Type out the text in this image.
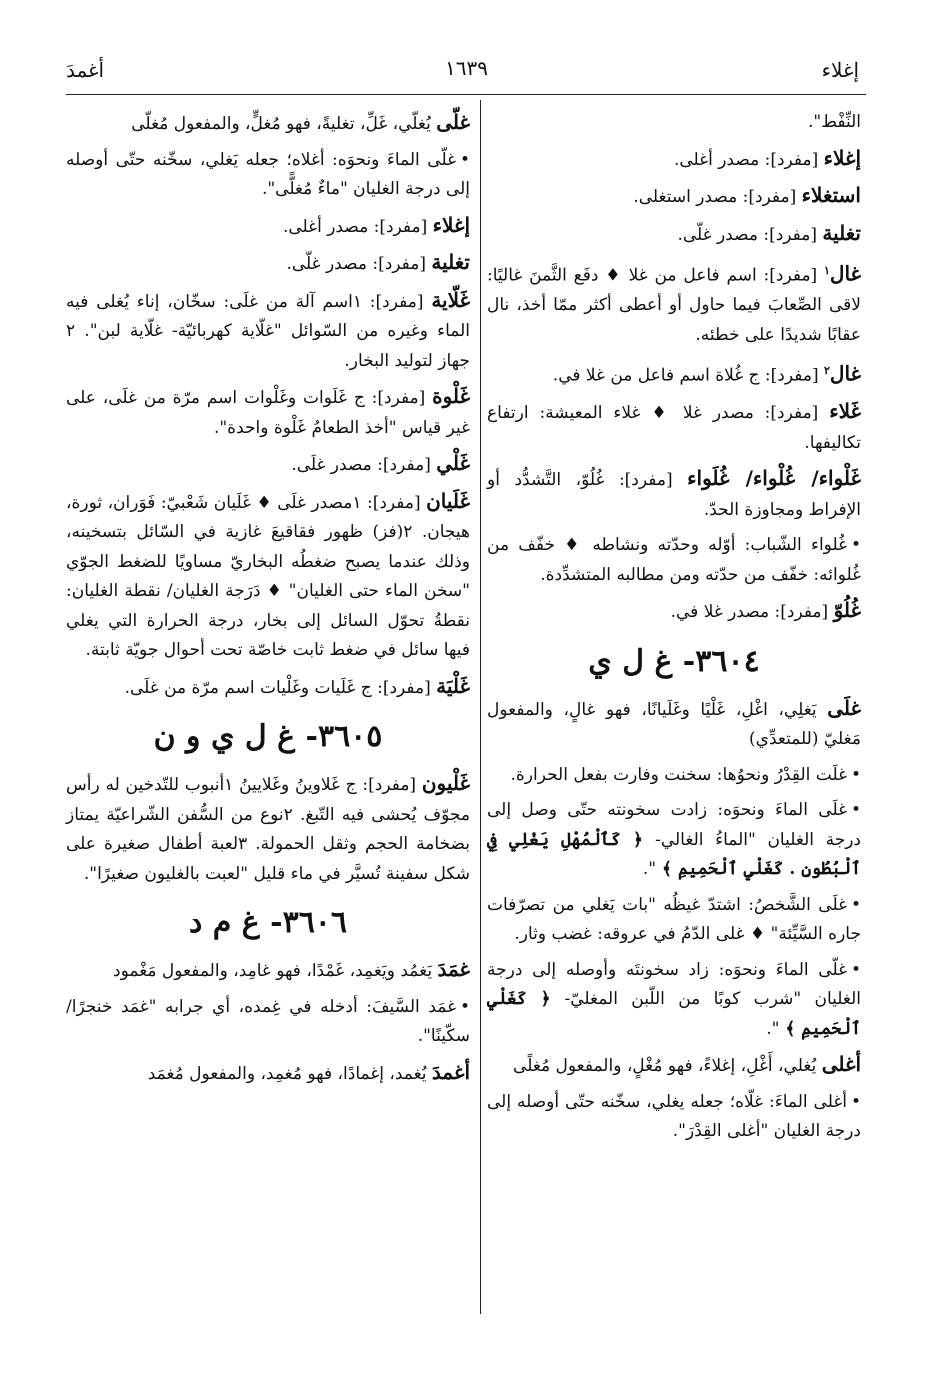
إغلاء
١٦٣٩
أغمدَ
النِّفْط".
إغلاء [مفرد]: مصدر أغلى.
استغلاء [مفرد]: مصدر استغلى.
تغلية [مفرد]: مصدر غلّى.
غال$^١$ [مفرد]: اسم فاعل من غلا ♦ دفَع الثَّمنَ غاليًا: لاقى الصِّعابَ فيما حاول أو أعطى أكثر ممّا أخذ، نال عقابًا شديدًا على خطئه.
غال$^٢$ [مفرد]: ج غُلاة اسم فاعل من غلا في.
غَلاء [مفرد]: مصدر غلا ♦ غلاء المعيشة: ارتفاع تكاليفها.
غَلْواء/ غُلْواء/ غُلَواء [مفرد]: غُلُوّ، التَّشدُّد أو الإفراط ومجاوزة الحدّ.
•غُلواء الشّباب: أوّله وحدّته ونشاطه ♦ خفّف من غُلوائه: خفّف من حدّته ومن مطالبه المتشدِّدة.
غُلُوّ [مفرد]: مصدر غلا في.
٣٦٠٤- غ ل ي
غلَى يَغلِي، اغْلِ، غَلْيًا وغَلَيانًا، فهو غالٍ، والمفعول مَغليّ (للمتعدِّي)
•غلَت القِدْرُ ونحوُها: سخنت وفارت بفعل الحرارة.
•غلَى الماءَ ونحوَه: زادت سخونته حتّى وصل إلى درجة الغليان "الماءُ الغالي- ﴿ كَٱلْمُهْلِ يَغْلِي فِي ٱلْبُطُونِ . كَغَلْيِ ٱلْحَمِيمِ ﴾ ".
•غلَى الشَّخصُ: اشتدّ غيظُه "بات يَغلي من تصرّفات جاره السَّيِّئة" ♦ غلى الدّمُ في عروقه: غضب وثار.
•غلّى الماءَ ونحوَه: زاد سخونتَه وأوصله إلى درجة الغليان "شرب كوبًا من اللّبن المغليّ- ﴿ كَغَلْيِ ٱلْحَمِيمِ ﴾ ".
أغلى يُغلي، أَغْلِ، إغلاءً، فهو مُغْلٍ، والمفعول مُغلًى
•أغلى الماءَ: غلّاه؛ جعله يغلي، سخّنه حتّى أوصله إلى درجة الغليان "أغلى القِدْرَ".
غلّى يُغلّي، غَلِّ، تغليةً، فهو مُغلٍّ، والمفعول مُغلّى
•غلّى الماءَ ونحوَه: أغلاه؛ جعله يَغلي، سخّنه حتّى أوصله إلى درجة الغليان "ماءٌ مُغلًّى".
إغلاء [مفرد]: مصدر أغلى.
تغلية [مفرد]: مصدر غلّى.
غَلّاية [مفرد]: ١اسم آلة من غلَى: سخّان، إناء يُغلى فيه الماء وغيره من السّوائل "غلّاية كهربائيّة- غلّاية لبن". ٢ جهاز لتوليد البخار.
غَلْوة [مفرد]: ج غَلَوات وغَلْوات اسم مرّة من غلَى، على غير قياس "أخذ الطعامُ غَلْوة واحدة".
غَلْي [مفرد]: مصدر غلَى.
غَلَيان [مفرد]: ١مصدر غلَى ♦ غَلَيان شَعْبيّ: فَوَران، ثورة، هيجان. ٢(فز) ظهور فقاقيعَ غازية في السّائل بتسخينه، وذلك عندما يصبح ضغطُه البخاريّ مساويًا للضغط الجوّي "سخن الماء حتى الغليان" ♦ دَرَجة الغليان/ نقطة الغليان: نقطةُ تحوّل السائل إلى بخار، درجة الحرارة التي يغلي فيها سائل في ضغط ثابت خاصّة تحت أحوال جويّة ثابتة.
غَلْيَة [مفرد]: ج غَلَيات وغَلْيات اسم مرّة من غلَى.
٣٦٠٥- غ ل ي و ن
غَلْيون [مفرد]: ج غَلاوينُ وغَلايينُ ١أنبوب للتّدخين له رأس مجوّف يُحشى فيه التّبغ. ٢نوع من السُّفن الشّراعيّة يمتاز بضخامة الحجم وثقل الحمولة. ٣لعبة أطفال صغيرة على شكل سفينة تُسيَّر في ماء قليل "لعبت بالغليون صغيرًا".
٣٦٠٦- غ م د
غمَدَ يَغمُد ويَغمِد، غَمْدًا، فهو غامِد، والمفعول مَغْمود
•غمَد السَّيفَ: أدخله في غِمده، أي جرابه "غمَد خنجرًا/ سكّينًا".
أغمدَ يُغمد، إغمادًا، فهو مُغمِد، والمفعول مُغمَد
